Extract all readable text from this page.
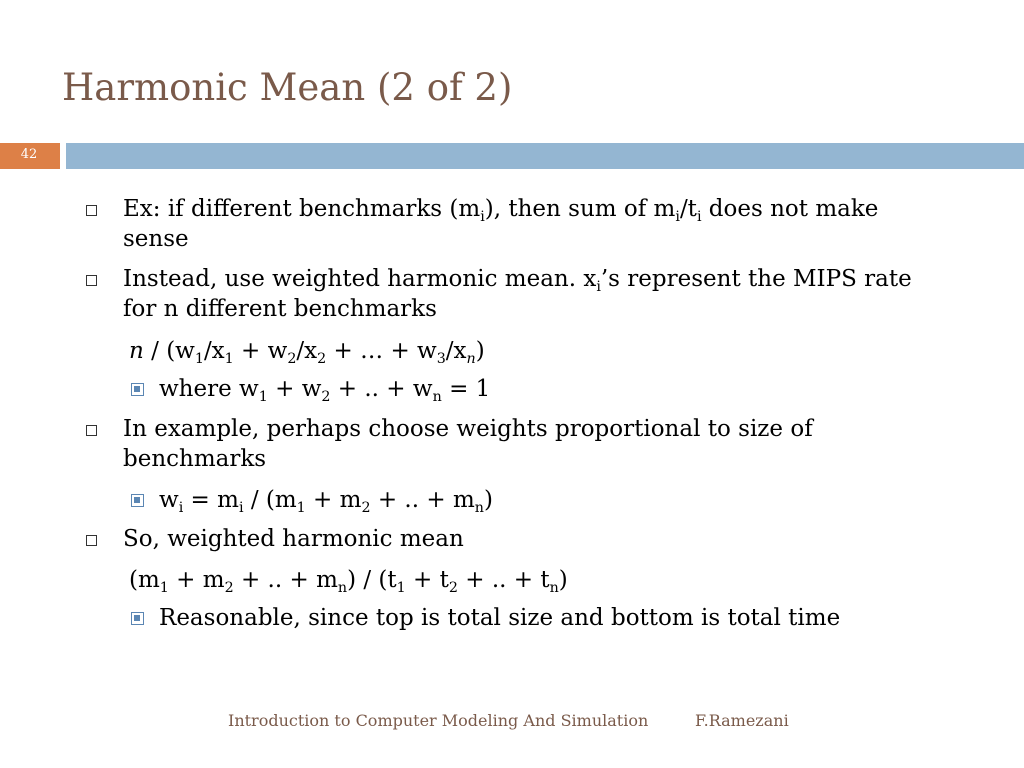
Harmonic Mean (2 of 2)
42
Ex: if different benchmarks $(m_i)$, then sum of $m_i/t_i$ does not make
sense
Instead, use weighted harmonic mean. $x_i’s$ represent the MIPS rate
for n different benchmarks
$n / (w_1/x_1 + w_2/x_2$ + … + $w_3/x_n$)
where $w_1 + w_2$ + .. + $w_n = 1$
In example, perhaps choose weights proportional to size of
benchmarks
$w_i = m_i / (m_1 + m_2$ + .. + $m_n$)
So, weighted harmonic mean
($m_1 + m_2$ + .. + $m_n) / (t_1 + t_2$ + .. + $t_n$)
Reasonable, since top is total size and bottom is total time
Introduction to Computer Modeling And Simulation	F.Ramezani
